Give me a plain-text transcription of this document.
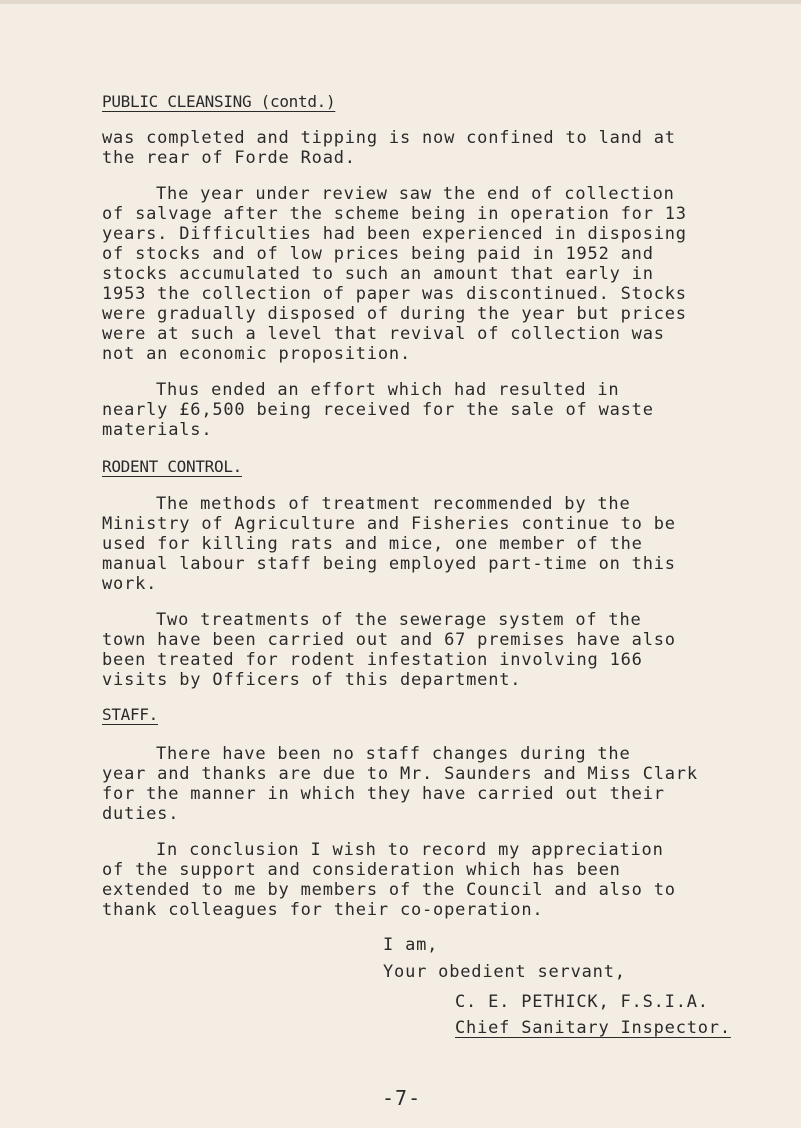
PUBLIC CLEANSING (contd.)
was completed and tipping is now confined to land at
the rear of Forde Road.
The year under review saw the end of collection
of salvage after the scheme being in operation for 13
years. Difficulties had been experienced in disposing
of stocks and of low prices being paid in 1952 and
stocks accumulated to such an amount that early in
1953 the collection of paper was discontinued. Stocks
were gradually disposed of during the year but prices
were at such a level that revival of collection was
not an economic proposition.
Thus ended an effort which had resulted in
nearly £6,500 being received for the sale of waste
materials.
RODENT CONTROL.
The methods of treatment recommended by the
Ministry of Agriculture and Fisheries continue to be
used for killing rats and mice, one member of the
manual labour staff being employed part-time on this
work.
Two treatments of the sewerage system of the
town have been carried out and 67 premises have also
been treated for rodent infestation involving 166
visits by Officers of this department.
STAFF.
There have been no staff changes during the
year and thanks are due to Mr. Saunders and Miss Clark
for the manner in which they have carried out their
duties.
In conclusion I wish to record my appreciation
of the support and consideration which has been
extended to me by members of the Council and also to
thank colleagues for their co-operation.
I am,
Your obedient servant,
C. E. PETHICK, F.S.I.A.
Chief Sanitary Inspector.
-7-
